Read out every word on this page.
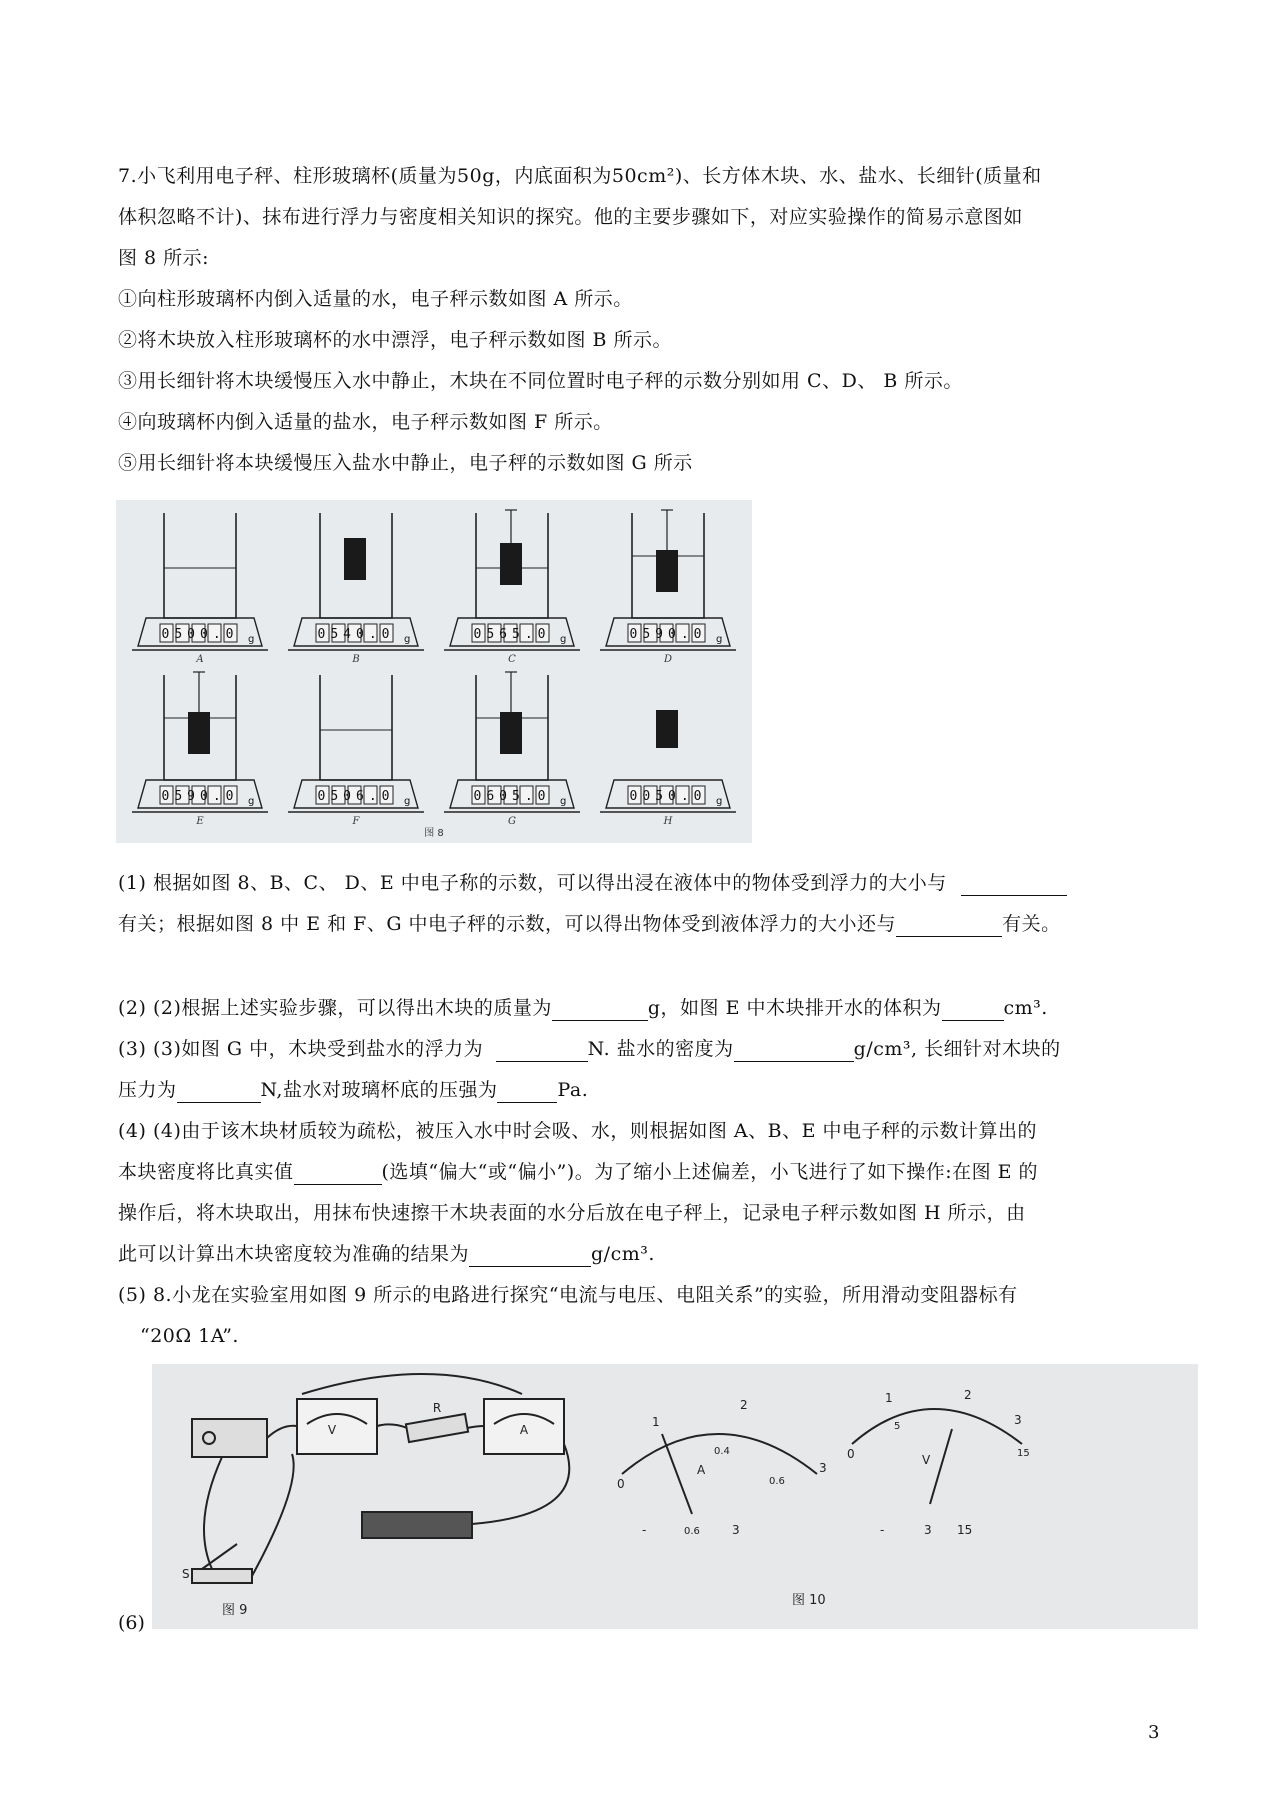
7.小飞利用电子秤、柱形玻璃杯(质量为50g，内底面积为50cm²)、长方体木块、水、盐水、长细针(质量和
体积忽略不计)、抹布进行浮力与密度相关知识的探究。他的主要步骤如下，对应实验操作的简易示意图如
图 8 所示:
①向柱形玻璃杯内倒入适量的水，电子秤示数如图 A 所示。
②将木块放入柱形玻璃杯的水中漂浮，电子秤示数如图 B 所示。
③用长细针将木块缓慢压入水中静止，木块在不同位置时电子秤的示数分别如用 C、D、 B 所示。
④向玻璃杯内倒入适量的盐水，电子秤示数如图 F 所示。
⑤用长细针将本块缓慢压入盐水中静止，电子秤的示数如图 G 所示
图 8
0500.0 g
A
0540.0 g
B
0565.0 g
C
0590.0 g
D
0590.0 g
E
0506.0 g
F
0605.0 g
G
0050.0 g
H
(1) 根据如图 8、B、C、 D、E 中电子称的示数，可以得出浸在液体中的物体受到浮力的大小与
有关；根据如图 8 中 E 和 F、G 中电子秤的示数，可以得出物体受到液体浮力的大小还与	有关。
(2) (2)根据上述实验步骤，可以得出木块的质量为	g，如图 E 中木块排开水的体积为	cm³.
(3) (3)如图 G 中，木块受到盐水的浮力为	N. 盐水的密度为	g/cm³, 长细针对木块的
压力为	N,盐水对玻璃杯底的压强为	Pa.
(4) (4)由于该木块材质较为疏松，被压入水中时会吸、水，则根据如图 A、B、E 中电子秤的示数计算出的
本块密度将比真实值	(选填“偏大“或“偏小”)。为了缩小上述偏差，小飞进行了如下操作:在图 E 的
操作后，将木块取出，用抹布快速擦干木块表面的水分后放在电子秤上，记录电子秤示数如图 H 所示，由
此可以计算出木块密度较为准确的结果为	g/cm³.
(5) 8.小龙在实验室用如图 9 所示的电路进行探究“电流与电压、电阻关系”的实验，所用滑动变阻器标有
“20Ω 1A”.
V
R
A
S
图 9
图 10
A
V
0
1
0.4
2
0.6
3
-	0.6	3
0
1
5
2
3
15
-	3 15
(6)
3
